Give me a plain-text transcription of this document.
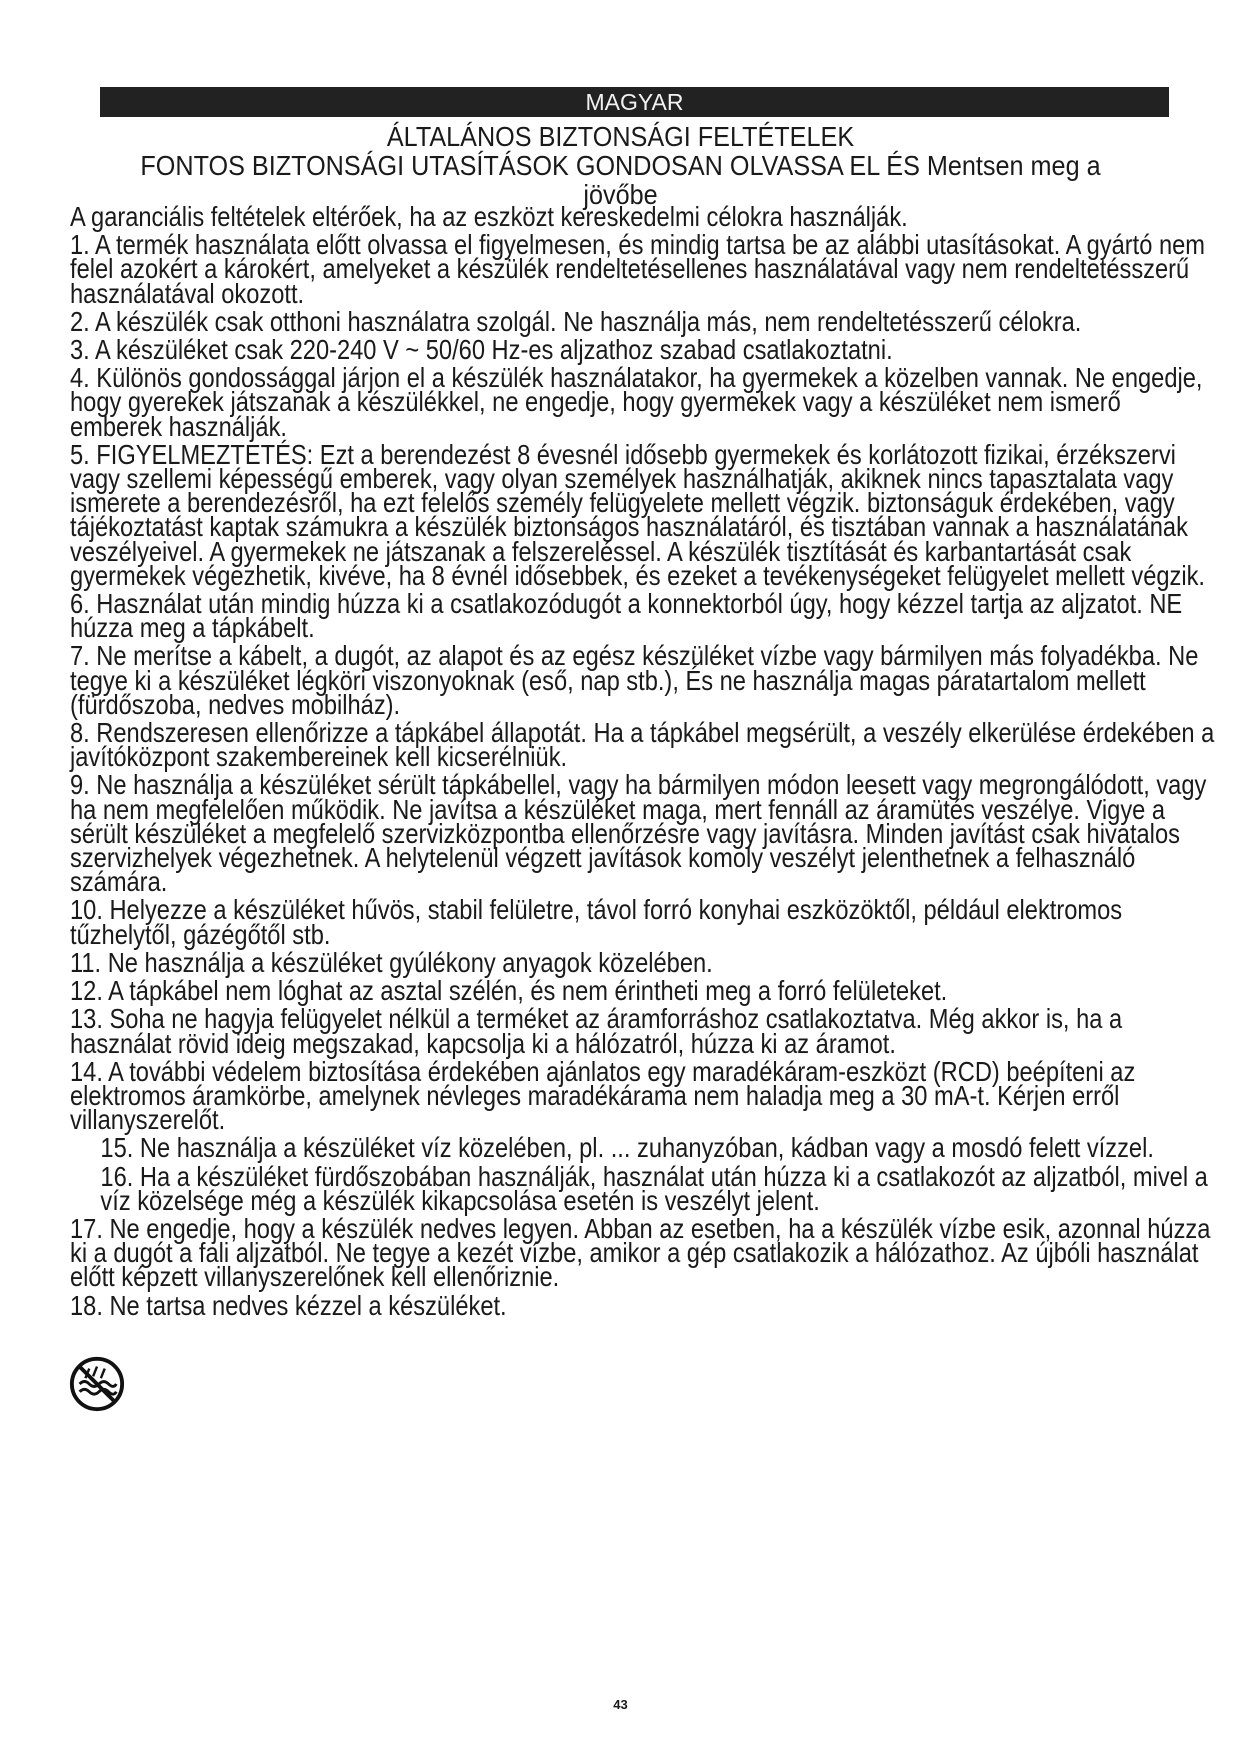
MAGYAR
ÁLTALÁNOS BIZTONSÁGI FELTÉTELEK
FONTOS BIZTONSÁGI UTASÍTÁSOK GONDOSAN OLVASSA EL ÉS Mentsen meg a
jövőbe

A garanciális feltételek eltérőek, ha az eszközt kereskedelmi célokra használják.

1. A termék használata előtt olvassa el figyelmesen, és mindig tartsa be az alábbi utasításokat. A gyártó nem felel azokért a károkért, amelyeket a készülék rendeltetésellenes használatával vagy nem rendeltetésszerű használatával okozott.

2. A készülék csak otthoni használatra szolgál. Ne használja más, nem rendeltetésszerű célokra.

3. A készüléket csak 220-240 V ~ 50/60 Hz-es aljzathoz szabad csatlakoztatni.

4. Különös gondossággal járjon el a készülék használatakor, ha gyermekek a közelben vannak. Ne engedje, hogy gyerekek játszanak a készülékkel, ne engedje, hogy gyermekek vagy a készüléket nem ismerő emberek használják.

5. FIGYELMEZTETÉS: Ezt a berendezést 8 évesnél idősebb gyermekek és korlátozott fizikai, érzékszervi vagy szellemi képességű emberek, vagy olyan személyek használhatják, akiknek nincs tapasztalata vagy ismerete a berendezésről, ha ezt felelős személy felügyelete mellett végzik. biztonságuk érdekében, vagy tájékoztatást kaptak számukra a készülék biztonságos használatáról, és tisztában vannak a használatának veszélyeivel. A gyermekek ne játszanak a felszereléssel. A készülék tisztítását és karbantartását csak gyermekek végezhetik, kivéve, ha 8 évnél idősebbek, és ezeket a tevékenységeket felügyelet mellett végzik.

6. Használat után mindig húzza ki a csatlakozódugót a konnektorból úgy, hogy kézzel tartja az aljzatot. NE húzza meg a tápkábelt.

7. Ne merítse a kábelt, a dugót, az alapot és az egész készüléket vízbe vagy bármilyen más folyadékba. Ne tegye ki a készüléket légköri viszonyoknak (eső, nap stb.), És ne használja magas páratartalom mellett (fürdőszoba, nedves mobilház).

8. Rendszeresen ellenőrizze a tápkábel állapotát. Ha a tápkábel megsérült, a veszély elkerülése érdekében a javítóközpont szakembereinek kell kicserélniük.

9. Ne használja a készüléket sérült tápkábellel, vagy ha bármilyen módon leesett vagy megrongálódott, vagy ha nem megfelelően működik. Ne javítsa a készüléket maga, mert fennáll az áramütés veszélye. Vigye a sérült készüléket a megfelelő szervizközpontba ellenőrzésre vagy javításra. Minden javítást csak hivatalos szervizhelyek végezhetnek. A helytelenül végzett javítások komoly veszélyt jelenthetnek a felhasználó számára.

10. Helyezze a készüléket hűvös, stabil felületre, távol forró konyhai eszközöktől, például elektromos tűzhelytől, gázégőtől stb.

11. Ne használja a készüléket gyúlékony anyagok közelében.

12. A tápkábel nem lóghat az asztal szélén, és nem érintheti meg a forró felületeket.

13. Soha ne hagyja felügyelet nélkül a terméket az áramforráshoz csatlakoztatva. Még akkor is, ha a használat rövid ideig megszakad, kapcsolja ki a hálózatról, húzza ki az áramot.

14. A további védelem biztosítása érdekében ajánlatos egy maradékáram-eszközt (RCD) beépíteni az elektromos áramkörbe, amelynek névleges maradékárama nem haladja meg a 30 mA-t. Kérjen erről villanyszerelőt.

15. Ne használja a készüléket víz közelében, pl. ... zuhanyzóban, kádban vagy a mosdó felett vízzel.

16. Ha a készüléket fürdőszobában használják, használat után húzza ki a csatlakozót az aljzatból, mivel a víz közelsége még a készülék kikapcsolása esetén is veszélyt jelent.

17. Ne engedje, hogy a készülék nedves legyen. Abban az esetben, ha a készülék vízbe esik, azonnal húzza ki a dugót a fali aljzatból. Ne tegye a kezét vízbe, amikor a gép csatlakozik a hálózathoz. Az újbóli használat előtt képzett villanyszerelőnek kell ellenőriznie.

18. Ne tartsa nedves kézzel a készüléket.

43
